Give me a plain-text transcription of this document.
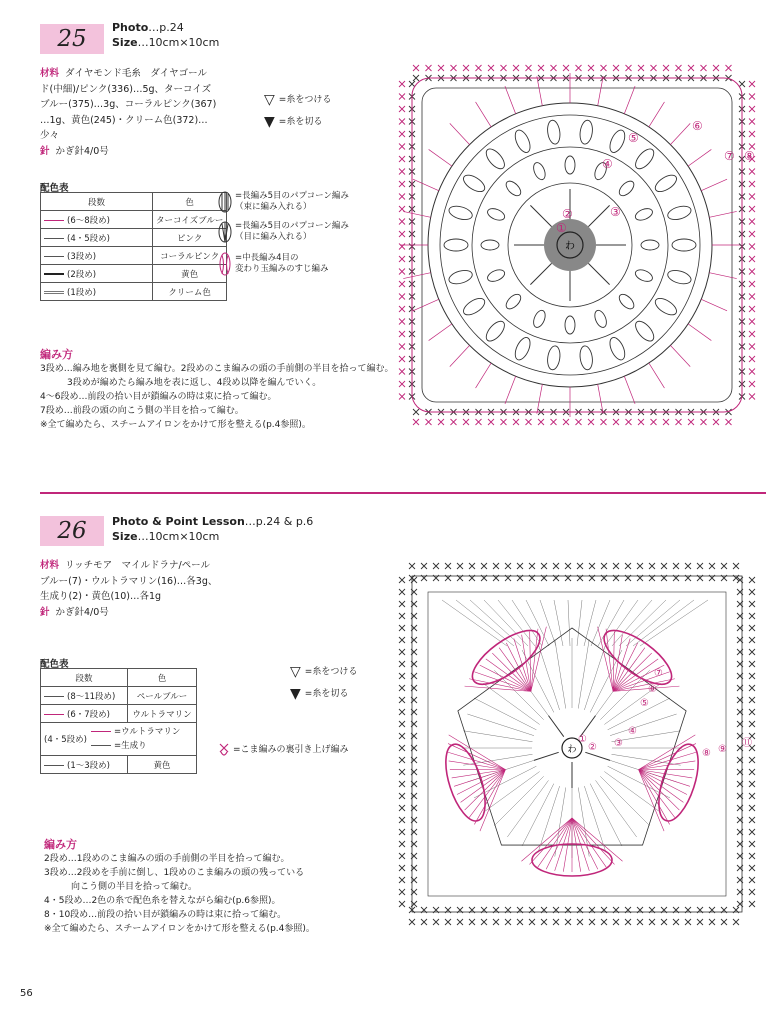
25 Photo…p.24
Size…10cm×10cm
材料 ダイヤモンド毛糸　ダイヤゴール
ド(中細)/ピンク(336)…5g、ターコイズ
ブルー(375)…3g、コーラルピンク(367)
…1g、黄色(245)・クリーム色(372)…
少々
針 かぎ針4/0号
▽ =糸をつける
▼ =糸を切る
配色表
段数	色
(6〜8段め)	ターコイズブルー
(4・5段め)	ピンク
(3段め)	コーラルピンク
(2段め)	黄色
(1段め)	クリーム色
=長編み5目のパプコーン編み
（束に編み入れる）
=長編み5目のパプコーン編み
（目に編み入れる）
=中長編み4目の
変わり玉編みのすじ編み
編み方
3段め…編み地を裏側を見て編む。2段めのこま編みの頭の手前側の半目を拾って編む。
　　　3段めが編めたら編み地を表に返し、4段め以降を編んでいく。
4〜6段め…前段の拾い目が鎖編みの時は束に拾って編む。
7段め…前段の頭の向こう側の半目を拾って編む。
※全て編めたら、スチームアイロンをかけて形を整える(p.4参照)。
わ
②
①
③
④
⑤
⑥
⑦ ⑧
26 Photo & Point Lesson…p.24 & p.6
Size…10cm×10cm
材料 リッチモア　マイルドラナ/ペール
ブルー(7)・ウルトラマリン(16)…各3g、
生成り(2)・黄色(10)…各1g
針 かぎ針4/0号
配色表
段数	色
(8〜11段め)	ペールブルー
(6・7段め)	ウルトラマリン

(4・5段め)
=ウルトラマリン
=生成り	

(1〜3段め)	黄色
▽ =糸をつける
▼ =糸を切る
=こま編みの裏引き上げ編み
編み方
2段め…1段めのこま編みの頭の手前側の半目を拾って編む。
3段め…2段めを手前に倒し、1段めのこま編みの頭の残っている
　　　向こう側の半目を拾って編む。
4・5段め…2色の糸で配色糸を替えながら編む(p.6参照)。
8・10段め…前段の拾い目が鎖編みの時は束に拾って編む。
※全て編めたら、スチームアイロンをかけて形を整える(p.4参照)。
わ ②
①	③
④
⑤
⑥
⑦
⑧ ⑨
⑪
56
